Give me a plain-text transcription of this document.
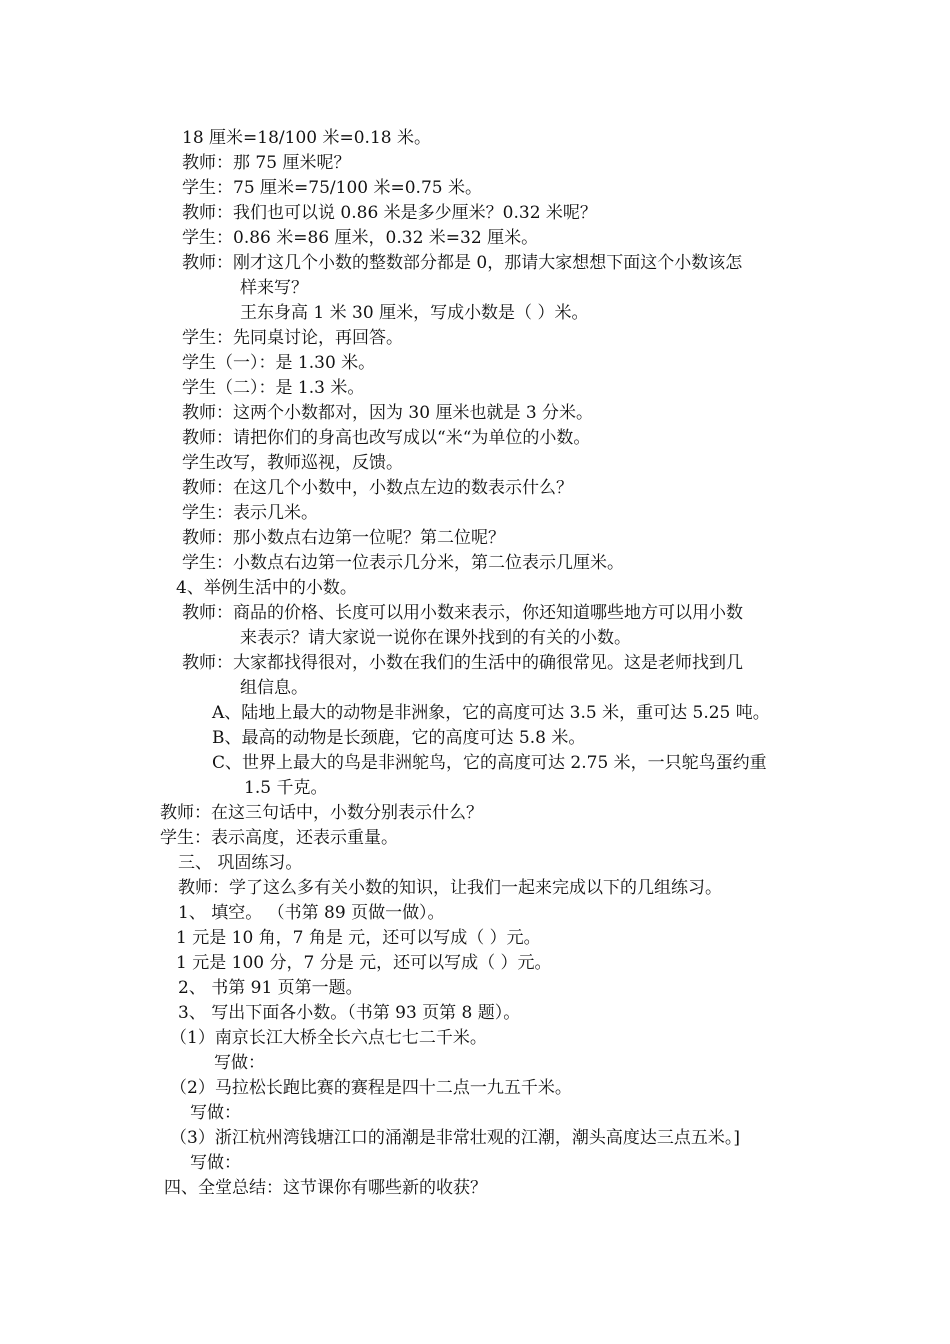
18 厘米=18/100 米=0.18 米。
教师：那 75 厘米呢？
学生：75 厘米=75/100 米=0.75 米。
教师：我们也可以说 0.86 米是多少厘米？0.32 米呢？
学生：0.86 米=86 厘米，0.32 米=32 厘米。
教师：刚才这几个小数的整数部分都是 0，那请大家想想下面这个小数该怎
样来写？
王东身高 1 米 30 厘米，写成小数是（ ）米。
学生：先同桌讨论，再回答。
学生（一）：是 1.30 米。
学生（二）：是 1.3 米。
教师：这两个小数都对，因为 30 厘米也就是 3 分米。
教师：请把你们的身高也改写成以“米“为单位的小数。
学生改写，教师巡视，反馈。
教师：在这几个小数中，小数点左边的数表示什么？
学生：表示几米。
教师：那小数点右边第一位呢？第二位呢？
学生：小数点右边第一位表示几分米，第二位表示几厘米。
4、举例生活中的小数。
教师：商品的价格、长度可以用小数来表示，你还知道哪些地方可以用小数
来表示？请大家说一说你在课外找到的有关的小数。
教师：大家都找得很对，小数在我们的生活中的确很常见。这是老师找到几
组信息。
A、陆地上最大的动物是非洲象，它的高度可达 3.5 米，重可达 5.25 吨。
B、最高的动物是长颈鹿，它的高度可达 5.8 米。
C、世界上最大的鸟是非洲鸵鸟，它的高度可达 2.75 米，一只鸵鸟蛋约重
1.5 千克。
教师：在这三句话中，小数分别表示什么？
学生：表示高度，还表示重量。
三、 巩固练习。
教师：学了这么多有关小数的知识，让我们一起来完成以下的几组练习。
1、 填空。 （书第 89 页做一做）。
1 元是 10 角，7 角是 元，还可以写成（ ）元。
1 元是 100 分，7 分是 元，还可以写成（ ）元。
2、 书第 91 页第一题。
3、 写出下面各小数。（书第 93 页第 8 题）。
（1）南京长江大桥全长六点七七二千米。
写做：
（2）马拉松长跑比赛的赛程是四十二点一九五千米。
写做：
（3）浙江杭州湾钱塘江口的涌潮是非常壮观的江潮，潮头高度达三点五米。]
写做：
四、全堂总结：这节课你有哪些新的收获？
